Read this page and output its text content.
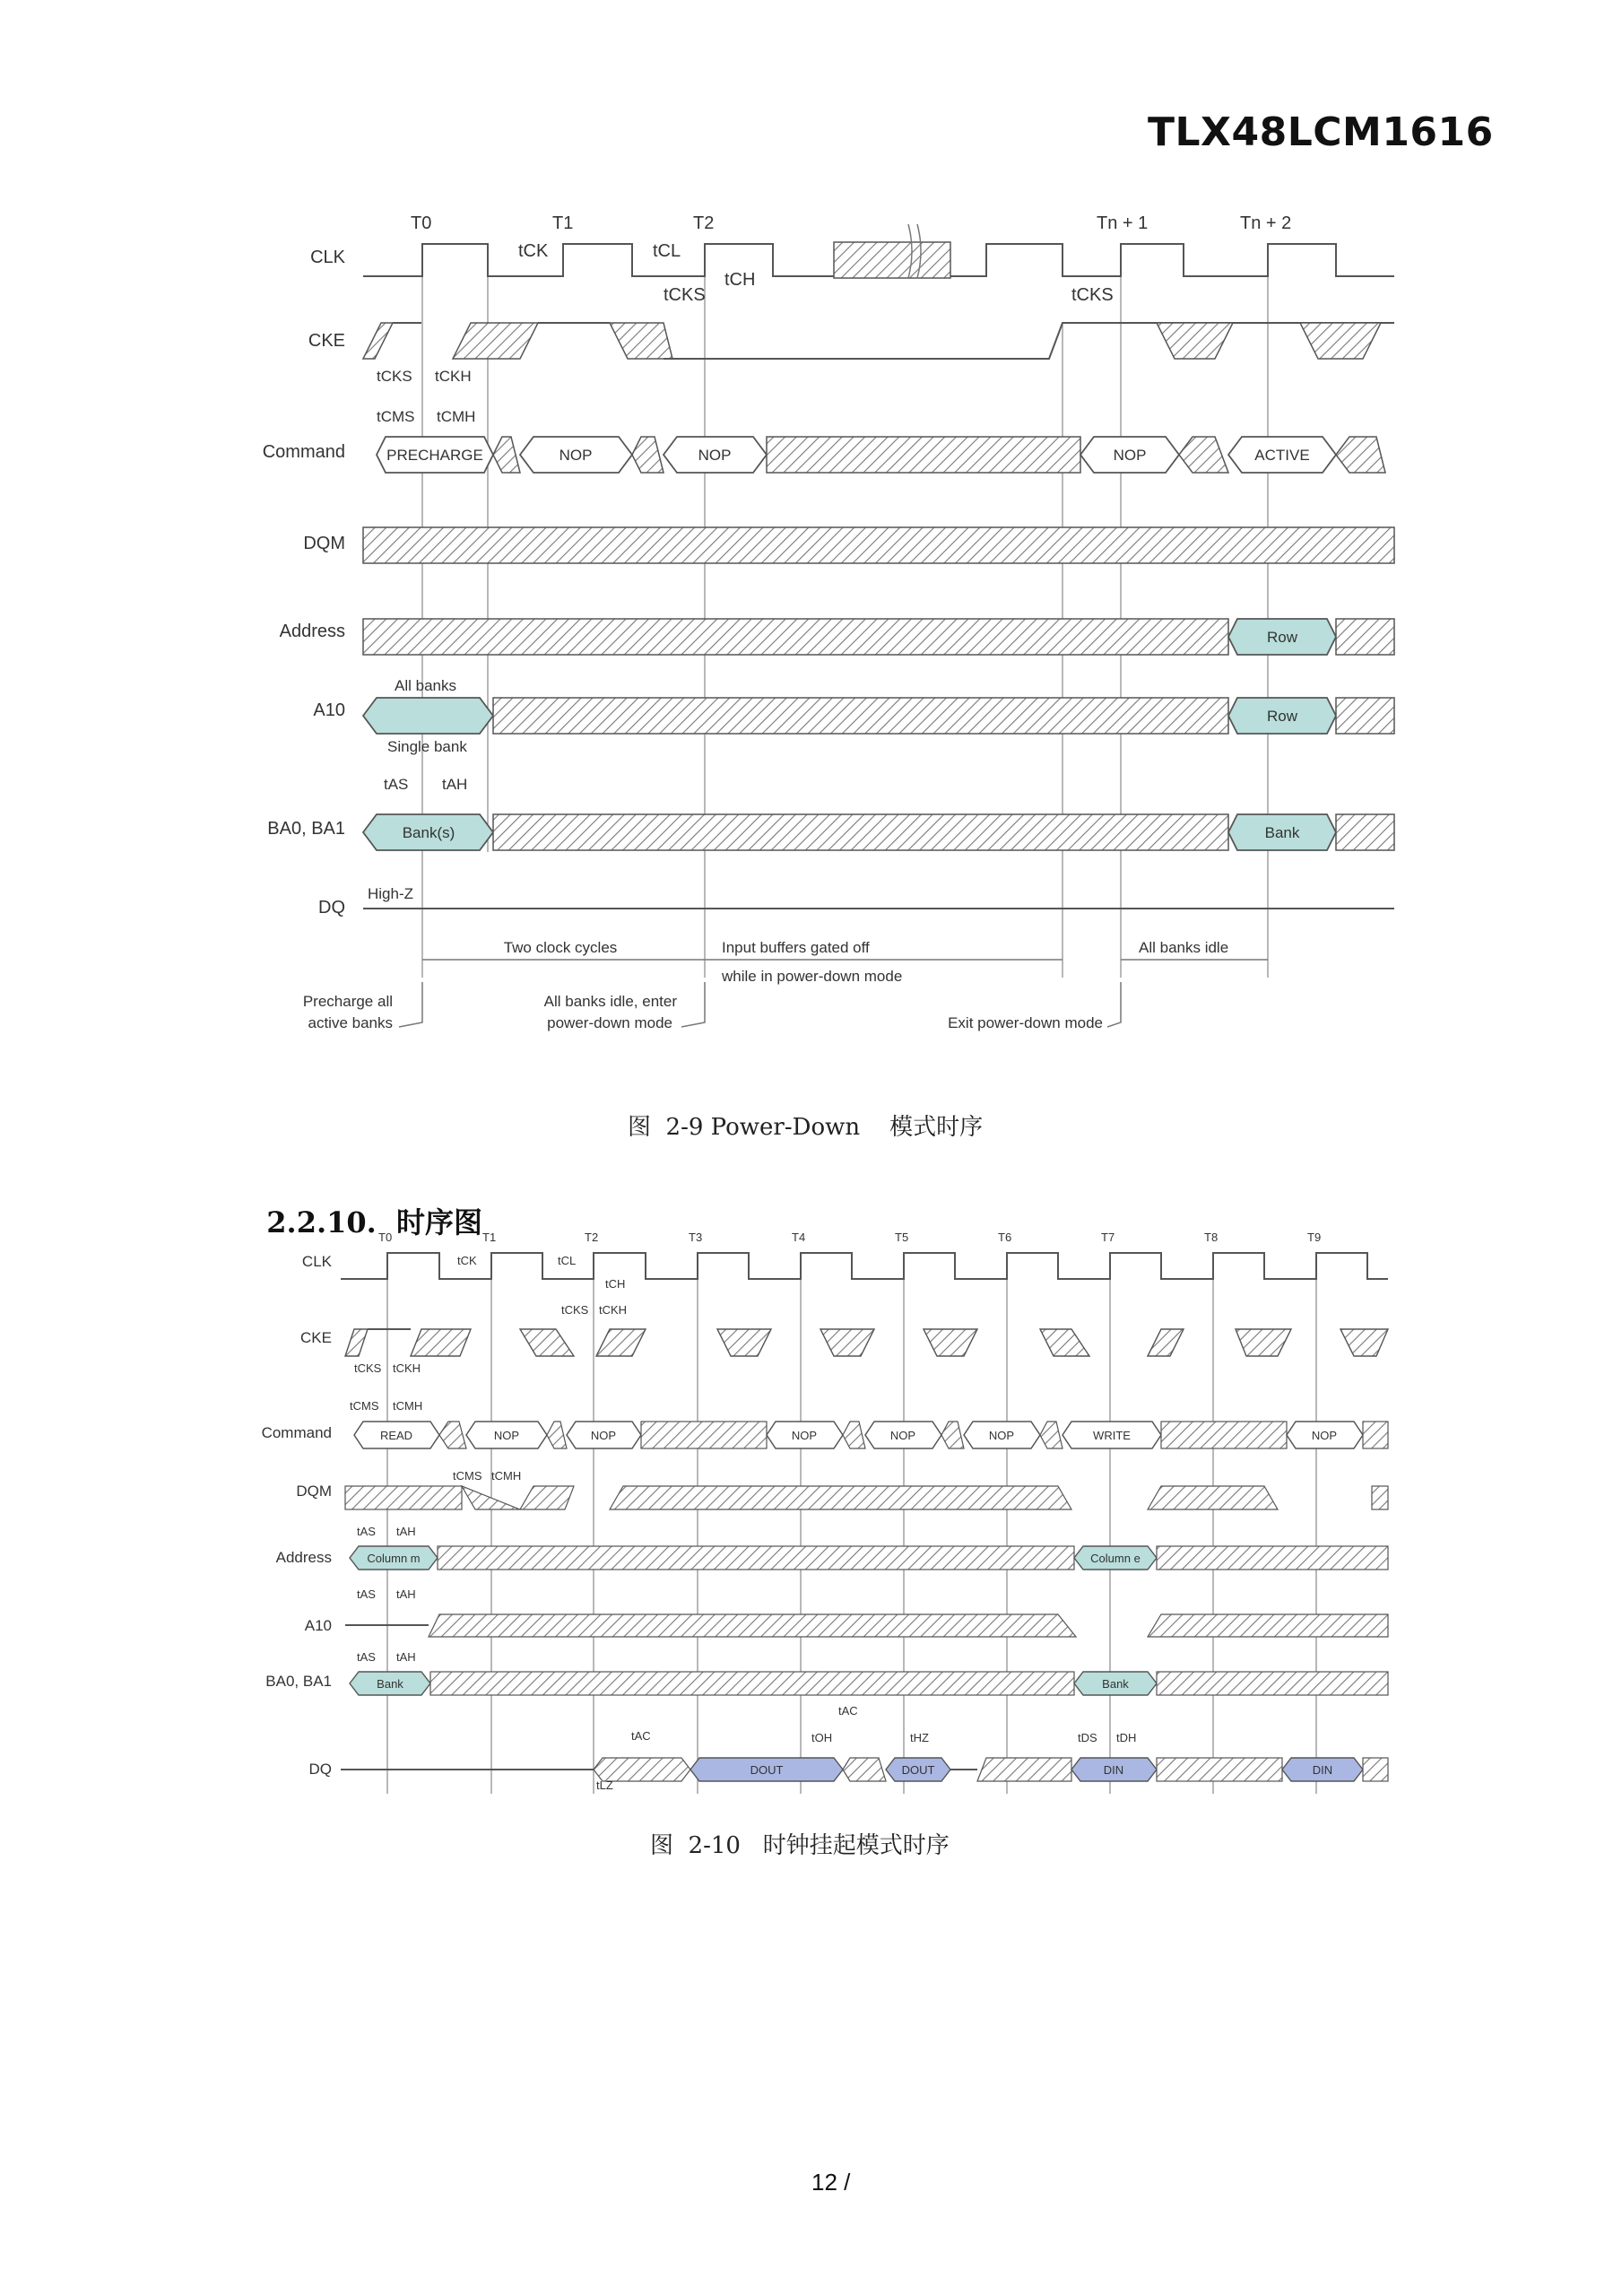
TLX48LCM1616
T0	T1	T2	Tn + 1	Tn + 2
CLK
CKE
Command
DQM
Address
A10
BA0, BA1
DQ
tCK	tCL
tCH
tCKS	tCKS
tCKS tCKH
PRECHARGE	NOP	NOP	NOP	ACTIVE
tCMS tCMH
Row
Row
All banks
Single bank
tAS tAH
Bank(s)	Bank
High-Z
Two clock cycles	Input buffers gated off
while in power-down mode
All banks idle
Precharge all
active banks
All banks idle, enter
power-down mode	Exit power-down mode
图  2-9 Power-Down    模式时序

2.2.10. 时序图

T0	T1	T2	T3	T4	T5	T6	T7	T8	T9
CLK
CKE
Command
DQM
Address
A10
BA0, BA1
DQ
tCK	tCL
tCH
tCKS tCKH
tCKS tCKH
READ	NOP	NOP	NOP	NOP	NOP	WRITE	NOP
tCMS tCMH
tCMS tCMH
Column m	Column e
tAS tAH
tAS tAH
Bank	Bank
tAS tAH
DOUT	DOUT	DIN	DIN
tAC
tAC
tOH	tHZ
tLZ
tDS tDH
图  2-10   时钟挂起模式时序
12 /
